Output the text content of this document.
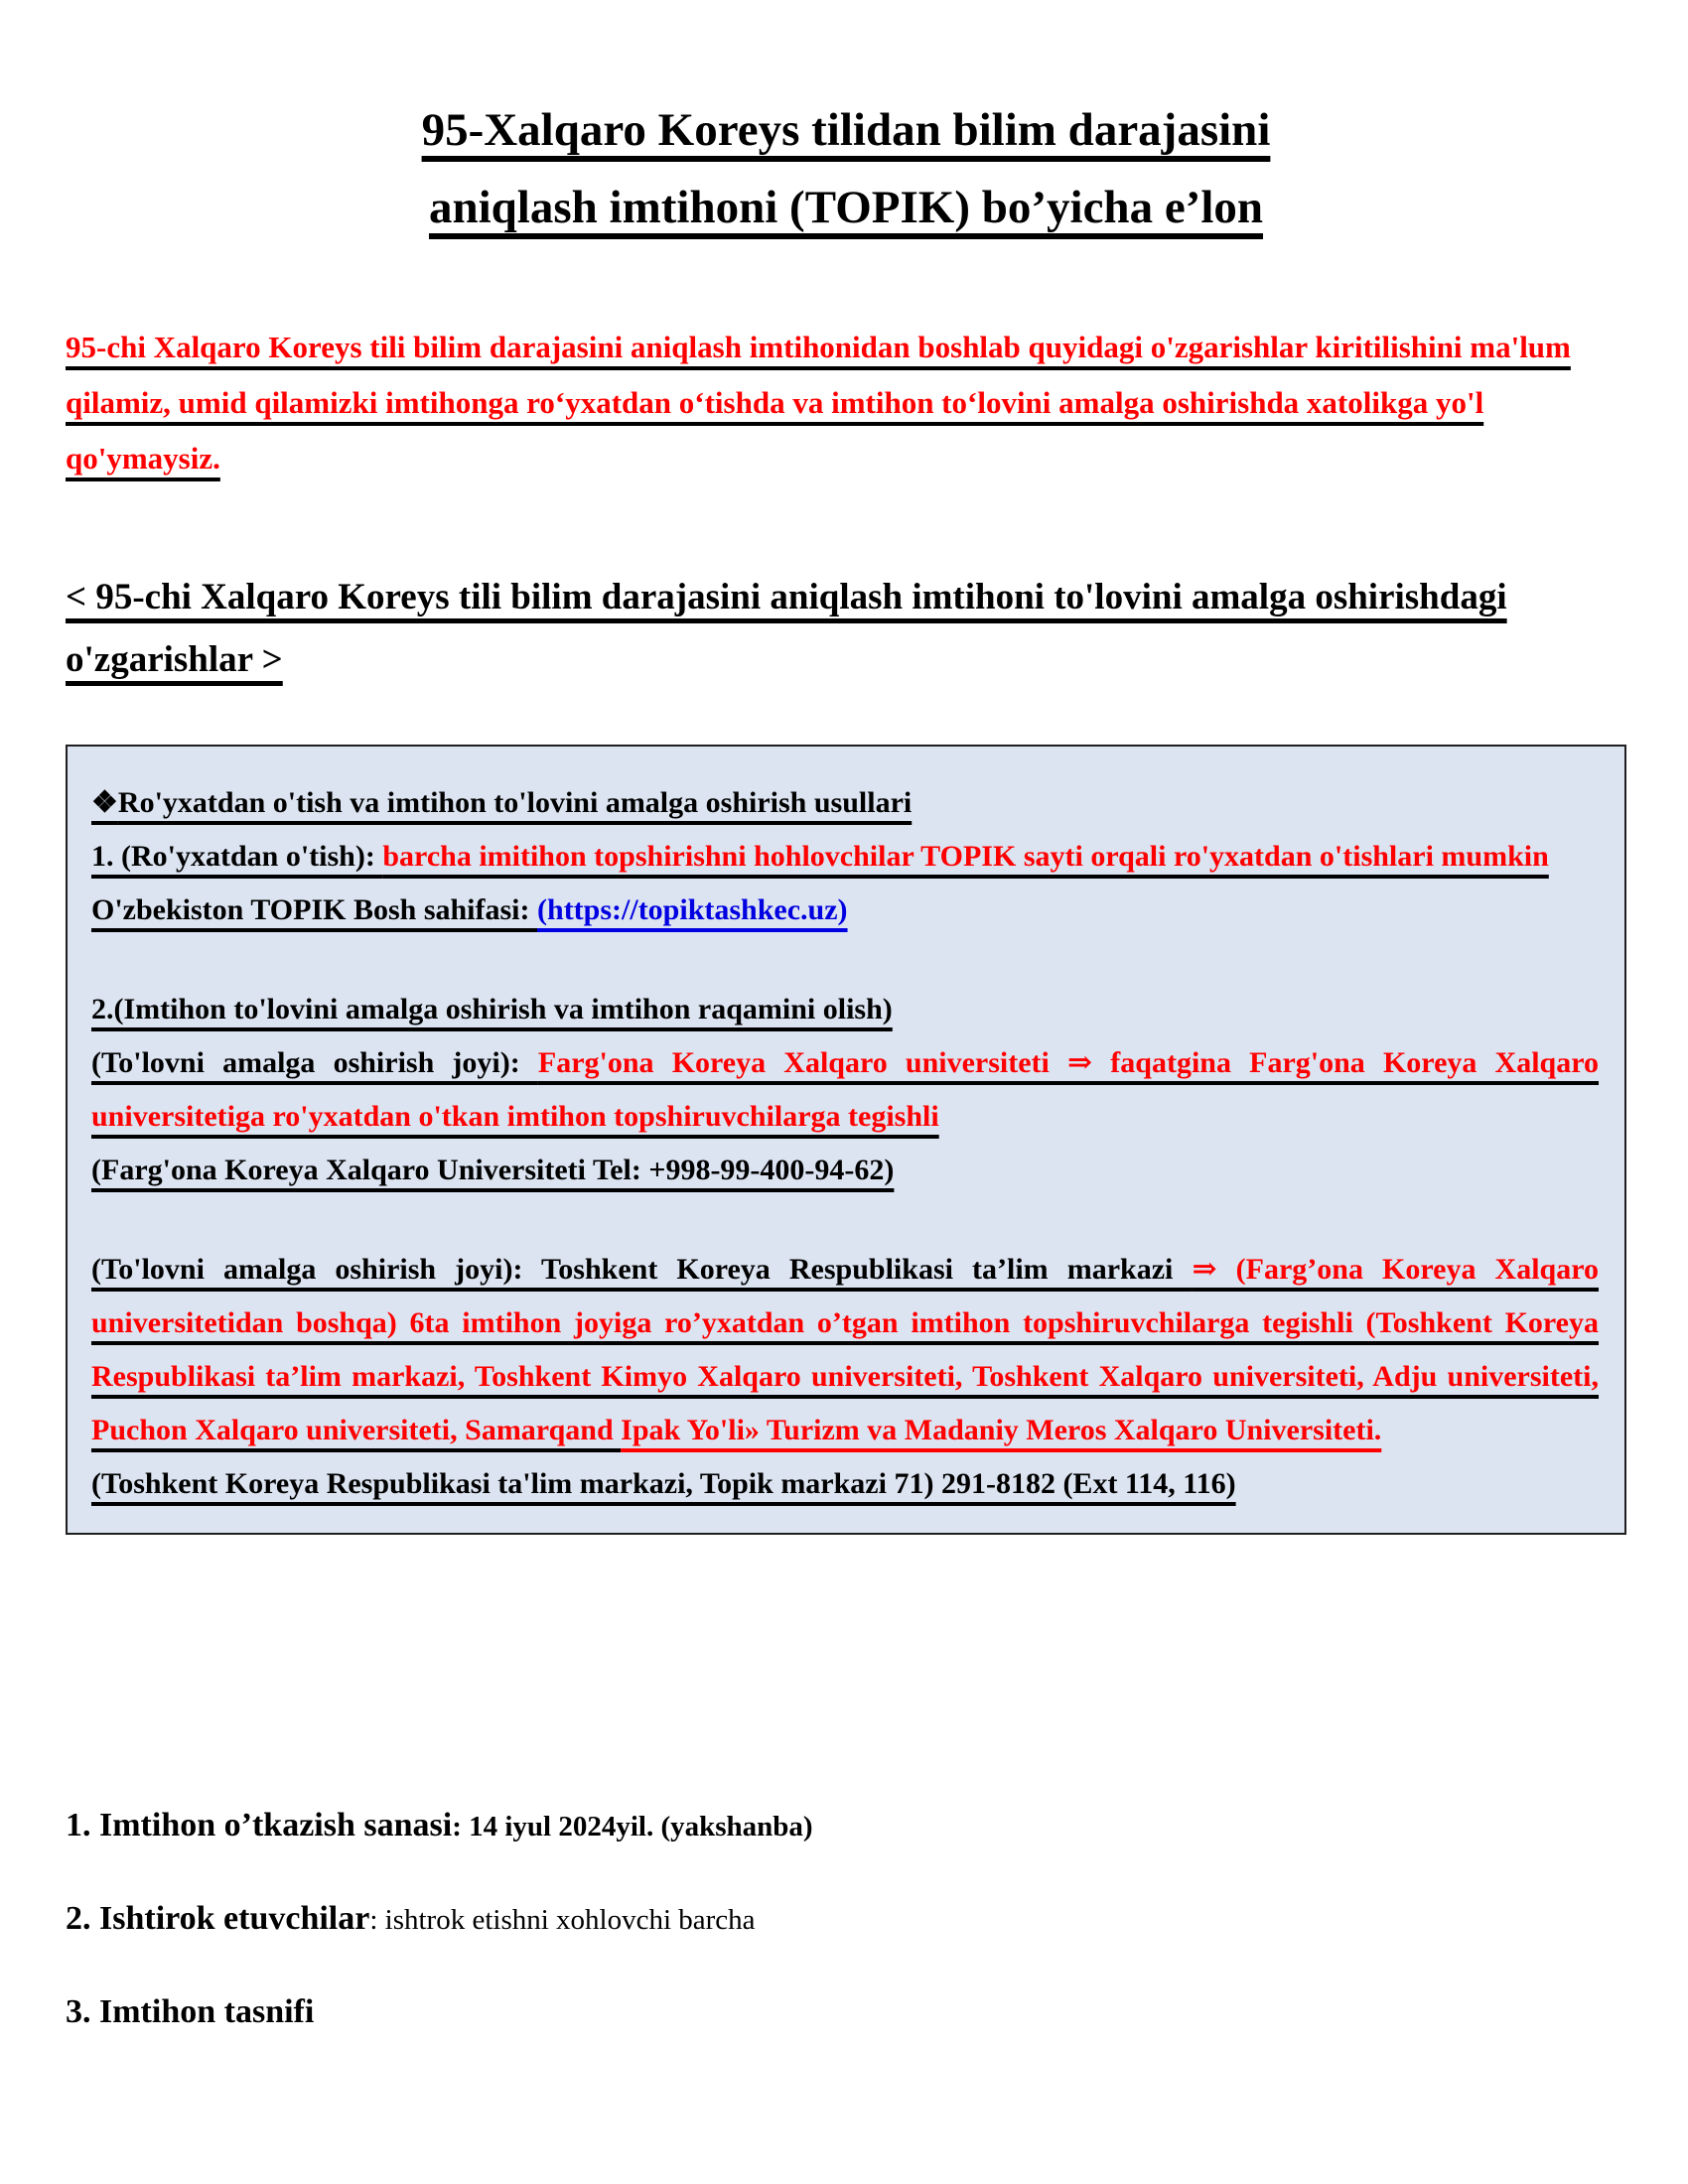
95-Xalqaro Koreys tilidan bilim darajasini
aniqlash imtihoni (TOPIK) bo’yicha e’lon

95-chi Xalqaro Koreys tili bilim darajasini aniqlash imtihonidan boshlab quyidagi o'zgarishlar kiritilishini ma'lum qilamiz, umid qilamizki imtihonga ro‘yxatdan o‘tishda va imtihon to‘lovini amalga oshirishda xatolikga yo'l qo'ymaysiz.

< 95-chi Xalqaro Koreys tili bilim darajasini aniqlash imtihoni to'lovini amalga oshirishdagi o'zgarishlar >

❖Ro'yxatdan o'tish va imtihon to'lovini amalga oshirish usullari

1. (Ro'yxatdan o'tish): barcha imitihon topshirishni hohlovchilar TOPIK sayti orqali ro'yxatdan o'tishlari mumkin

O'zbekiston TOPIK Bosh sahifasi: (https://topiktashkec.uz)

2.(Imtihon to'lovini amalga oshirish va imtihon raqamini olish)

(To'lovni amalga oshirish joyi): Farg'ona Koreya Xalqaro universiteti ⇒ faqatgina Farg'ona Koreya Xalqaro universitetiga ro'yxatdan o'tkan imtihon topshiruvchilarga tegishli

(Farg'ona Koreya Xalqaro Universiteti Tel: +998-99-400-94-62)

(To'lovni amalga oshirish joyi): Toshkent Koreya Respublikasi ta’lim markazi ⇒ (Farg’ona Koreya Xalqaro universitetidan boshqa) 6ta imtihon joyiga ro’yxatdan o’tgan imtihon topshiruvchilarga tegishli (Toshkent Koreya Respublikasi ta’lim markazi, Toshkent Kimyo Xalqaro universiteti, Toshkent Xalqaro universiteti, Adju universiteti, Puchon Xalqaro universiteti, Samarqand Ipak Yo'li» Turizm va Madaniy Meros Xalqaro Universiteti.

(Toshkent Koreya Respublikasi ta'lim markazi, Topik markazi 71) 291-8182 (Ext 114, 116)

1. Imtihon o’tkazish sanasi: 14 iyul 2024yil. (yakshanba)

2. Ishtirok etuvchilar: ishtrok etishni xohlovchi barcha

3. Imtihon tasnifi
